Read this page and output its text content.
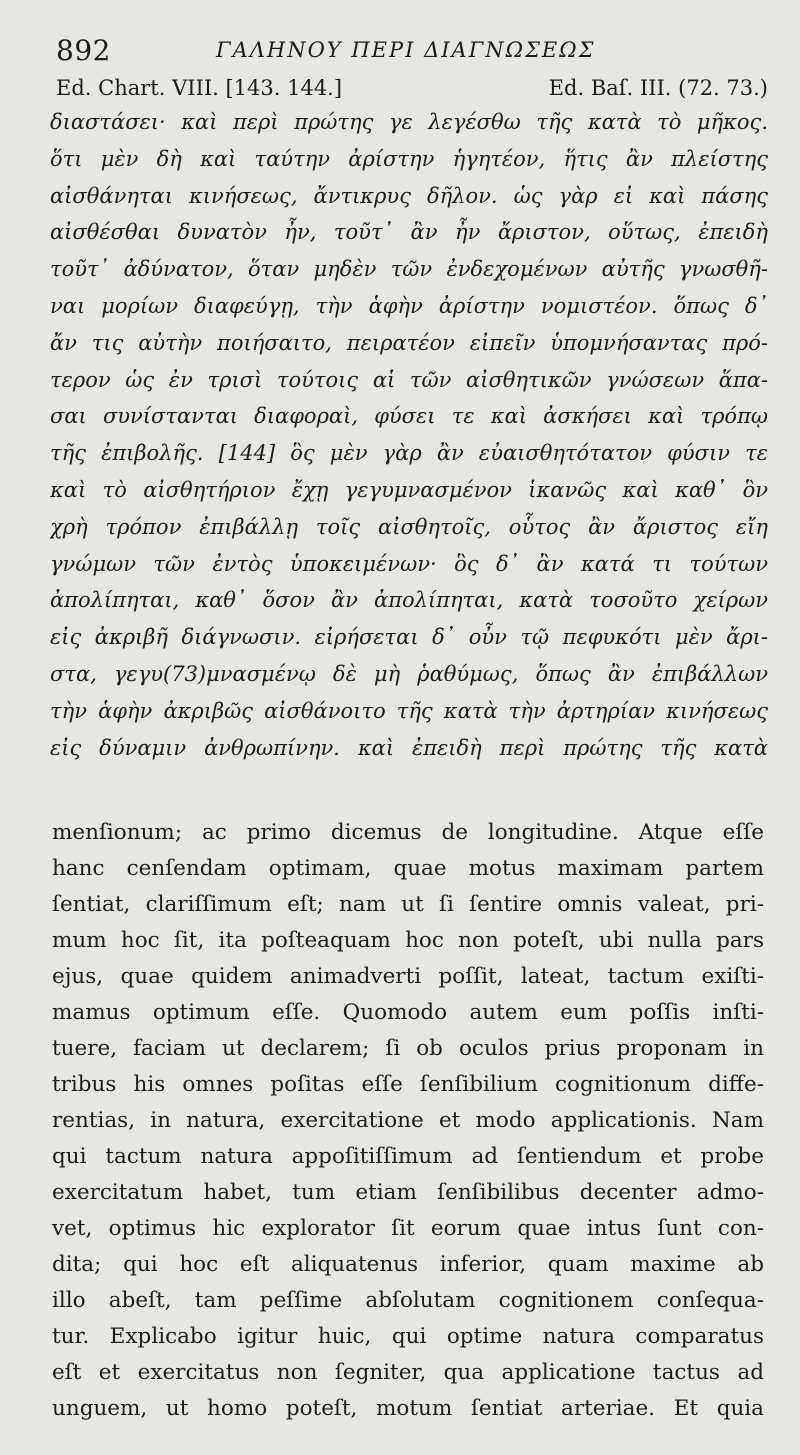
892	ΓΑΛΗΝΟΥ ΠΕΡΙ ΔΙΑΓΝΩΣΕΩΣ
Ed. Chart. VIII. [143. 144.]	Ed. Baſ. III. (72. 73.)
διαστάσει· καὶ περὶ πρώτης γε λεγέσθω τῆς κατὰ τὸ μῆκος.
ὅτι μὲν δὴ καὶ ταύτην ἀρίστην ἡγητέον, ἥτις ἂν πλείστης
αἰσθάνηται κινήσεως, ἄντικρυς δῆλον. ὡς γὰρ εἰ καὶ πάσης
αἰσθέσθαι δυνατὸν ἦν, τοῦτ᾽ ἂν ἦν ἄριστον, οὕτως, ἐπειδὴ
τοῦτ᾽ ἀδύνατον, ὅταν μηδὲν τῶν ἐνδεχομένων αὐτῆς γνωσθῆ-
ναι μορίων διαφεύγῃ, τὴν ἁφὴν ἀρίστην νομιστέον. ὅπως δ᾽
ἄν τις αὐτὴν ποιήσαιτο, πειρατέον εἰπεῖν ὑπομνήσαντας πρό-
τερον ὡς ἐν τρισὶ τούτοις αἱ τῶν αἰσθητικῶν γνώσεων ἅπα-
σαι συνίστανται διαφοραὶ, φύσει τε καὶ ἀσκήσει καὶ τρόπῳ
τῆς ἐπιβολῆς. [144] ὃς μὲν γὰρ ἂν εὐαισθητότατον φύσιν τε
καὶ τὸ αἰσθητήριον ἔχῃ γεγυμνασμένον ἱκανῶς καὶ καθ᾽ ὃν
χρὴ τρόπον ἐπιβάλλῃ τοῖς αἰσθητοῖς, οὗτος ἂν ἄριστος εἴη
γνώμων τῶν ἐντὸς ὑποκειμένων· ὃς δ᾽ ἂν κατά τι τούτων
ἀπολίπηται, καθ᾽ ὅσον ἂν ἀπολίπηται, κατὰ τοσοῦτο χείρων
εἰς ἀκριβῆ διάγνωσιν. εἰρήσεται δ᾽ οὖν τῷ πεφυκότι μὲν ἄρι-
στα, γεγυ(73)μνασμένῳ δὲ μὴ ῥαθύμως, ὅπως ἂν ἐπιβάλλων
τὴν ἁφὴν ἀκριβῶς αἰσθάνοιτο τῆς κατὰ τὴν ἀρτηρίαν κινήσεως
εἰς δύναμιν ἀνθρωπίνην. καὶ ἐπειδὴ περὶ πρώτης τῆς κατὰ
menſionum; ac primo dicemus de longitudine. Atque eſſe
hanc cenſendam optimam, quae motus maximam partem
ſentiat, clariſſimum eſt; nam ut ſi ſentire omnis valeat, pri-
mum hoc ſit, ita poſteaquam hoc non poteſt, ubi nulla pars
ejus, quae quidem animadverti poſſit, lateat, tactum exiſti-
mamus optimum eſſe. Quomodo autem eum poſſis inſti-
tuere, faciam ut declarem; ſi ob oculos prius proponam in
tribus his omnes poſitas eſſe ſenſibilium cognitionum diffe-
rentias, in natura, exercitatione et modo applicationis. Nam
qui tactum natura appoſitiſſimum ad ſentiendum et probe
exercitatum habet, tum etiam ſenſibilibus decenter admo-
vet, optimus hic explorator ſit eorum quae intus ſunt con-
dita; qui hoc eſt aliquatenus inferior, quam maxime ab
illo abeſt, tam peſſime abſolutam cognitionem conſequa-
tur. Explicabo igitur huic, qui optime natura comparatus
eſt et exercitatus non ſegniter, qua applicatione tactus ad
unguem, ut homo poteſt, motum ſentiat arteriae. Et quia
